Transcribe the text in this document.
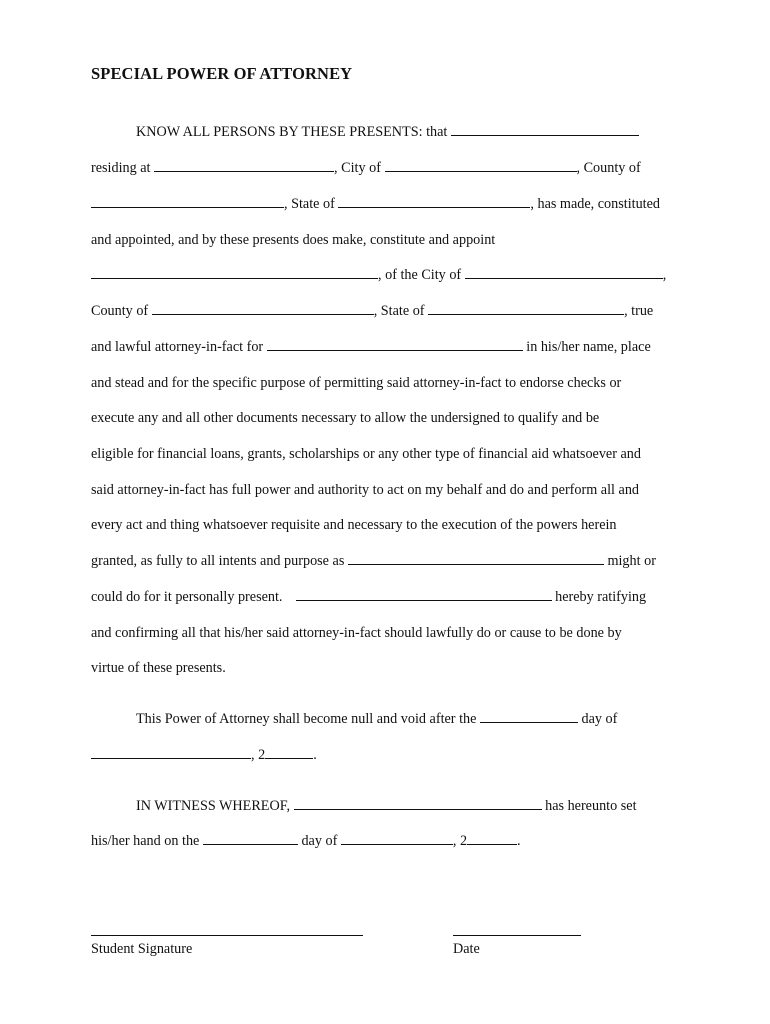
SPECIAL POWER OF ATTORNEY
KNOW ALL PERSONS BY THESE PRESENTS: that
residing at	, City of	, County of
, State of	, has made, constituted
and appointed, and by these presents does make, constitute and appoint
, of the City of	,
County of	, State of	, true
and lawful attorney-in-fact for	in his/her name, place
and stead and for the specific purpose of permitting said attorney-in-fact to endorse checks or
execute any and all other documents necessary to allow the undersigned to qualify and be
eligible for financial loans, grants, scholarships or any other type of financial aid whatsoever and
said attorney-in-fact has full power and authority to act on my behalf and do and perform all and
every act and thing whatsoever requisite and necessary to the execution of the powers herein
granted, as fully to all intents and purpose as	might or
could do for it personally present.	hereby ratifying
and confirming all that his/her said attorney-in-fact should lawfully do or cause to be done by
virtue of these presents.
This Power of Attorney shall become null and void after the	day of
, 2	.
IN WITNESS WHEREOF,	has hereunto set
his/her hand on the	day of	, 2	.
Student Signature	Date
